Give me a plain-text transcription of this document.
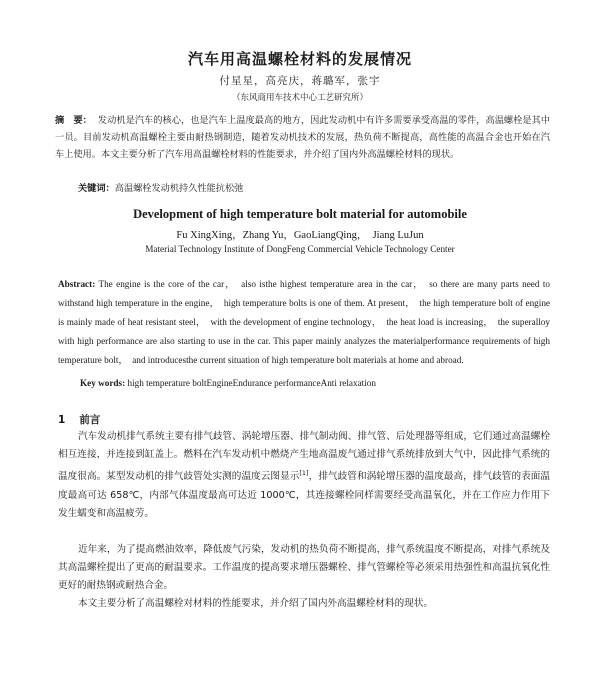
汽车用高温螺栓材料的发展情况
付星星，高亮庆，蒋璐军，张宇
（东风商用车技术中心工艺研究所）
摘　要： 发动机是汽车的核心，也是汽车上温度最高的地方，因此发动机中有许多需要承受高温的零件，高温螺栓是其中一员。目前发动机高温螺栓主要由耐热钢制造，随着发动机技术的发展，热负荷不断提高，高性能的高温合金也开始在汽车上使用。本文主要分析了汽车用高温螺栓材料的性能要求，并介绍了国内外高温螺栓材料的现状。
关键词：高温螺栓发动机持久性能抗松弛
Development of high temperature bolt material for automobile
Fu XingXing，Zhang Yu，GaoLiangQing，　Jiang LuJun
Material Technology Institute of DongFeng Commercial Vehicle Technology Center
Abstract: The engine is the core of the car，　also isthe highest temperature area in the car，　so there are many parts need to withstand high temperature in the engine，　high temperature bolts is one of them. At present，　the high temperature bolt of engine is mainly made of heat resistant steel，　with the development of engine technology，　the heat load is increasing，　the superalloy with high performance are also starting to use in the car. This paper mainly analyzes the materialperformance requirements of high temperature bolt，　and introducesthe current situation of high temperature bolt materials at home and abroad.
Key words: high temperature boltEngineEndurance performanceAnti relaxation
1 前言
汽车发动机排气系统主要有排气歧管、涡轮增压器、排气制动阀、排气管、后处理器等组成，它们通过高温螺栓相互连接，并连接到缸盖上。燃料在汽车发动机中燃烧产生地高温废气通过排气系统排放到大气中，因此排气系统的温度很高。某型发动机的排气歧管处实测的温度云图显示[1]，排气歧管和涡轮增压器的温度最高，排气歧管的表面温度最高可达 658℃，内部气体温度最高可达近 1000℃，其连接螺栓同样需要经受高温氧化，并在工作应力作用下发生蠕变和高温疲劳。
近年来，为了提高燃油效率，降低废气污染，发动机的热负荷不断提高，排气系统温度不断提高，对排气系统及其高温螺栓提出了更高的耐温要求。工作温度的提高要求增压器螺栓、排气管螺栓等必须采用热强性和高温抗氧化性更好的耐热钢或耐热合金。
本文主要分析了高温螺栓对材料的性能要求，并介绍了国内外高温螺栓材料的现状。
